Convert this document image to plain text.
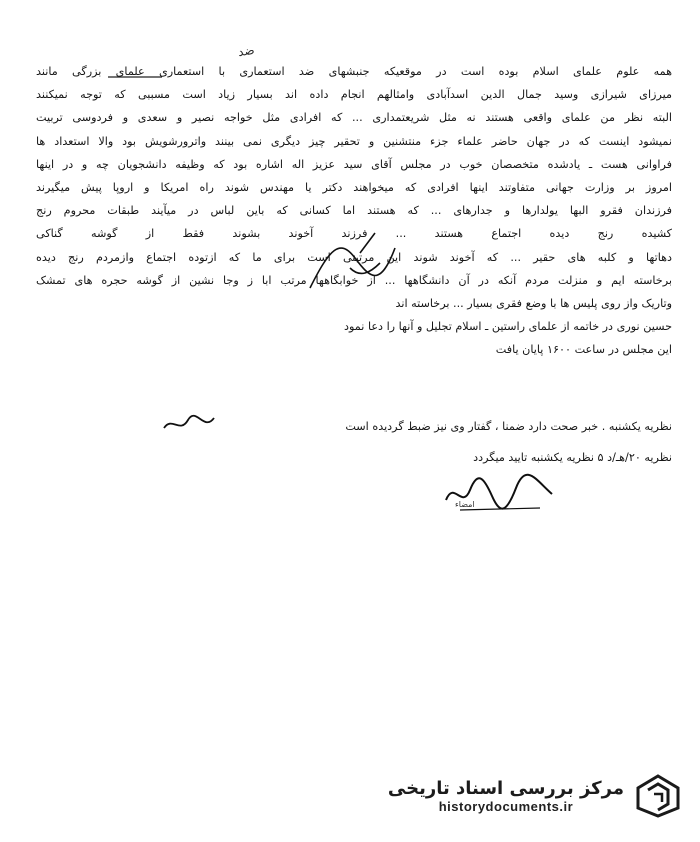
ضد
همه علوم علمای اسلام بوده است در موقعیکه جنبشهای ضد استعماری با استعماری علمای بزرگی مانند
میرزای شیرازی وسید جمال الدین اسدآبادی وامثالهم انجام داده اند بسیار زیاد است مسببی که توجه نمیکنند
البته نظر من علمای واقعی هستند نه مثل شریعتمداری ... که افرادی مثل خواجه نصیر و سعدی و فردوسی تربیت
نمیشود اینست که در جهان حاضر علماء جزء منتشنین و تحقیر چیز دیگری نمی بینند واترورشویش بود والا استعداد ها
فراوانی هست ـ یادشده متخصصان خوب در مجلس آقای سید عزیز اله اشاره بود که وظیفه دانشجویان چه و در اینها
امروز بر وزارت جهانی متفاوتند اینها افرادی که میخواهند دکتر یا مهندس شوند راه امریکا و اروپا پیش میگیرند
فرزندان فقرو البها یولدارها و جدارهای ... که هستند اما کسانی که باین لباس در میآیند طبقات محروم رنج
کشیده رنج دیده اجتماع هستند ... فرزند آخوند بشوند فقط از گوشه گناکی
دهاتها و کلبه های حقیر ... که آخوند شوند این مرتبتی است برای ما که ازتوده اجتماع وازمردم رنج دیده
برخاسته ایم و منزلت مردم آنکه در آن دانشگاهها ... از خوابگاهها مرتب ابا ز وجا نشین از گوشه حجره های تمشک
وتاریک واز روی پلیس ها با وضع فقری بسیار ... برخاسته اند
حسین نوری در خاتمه از علمای راستین ـ اسلام تجلیل و آنها را دعا نمود
این مجلس در ساعت ۱۶۰۰ پایان یافت
نظریه یکشنبه . خبر صحت دارد ضمنا ، گفتار وی نیز ضبط گردیده است
نظریه ۲۰/هـ/د ۵ نظریه یکشنبه تایید میگردد
امضاء
مرکز بررسی اسناد تاریخی
historydocuments.ir
